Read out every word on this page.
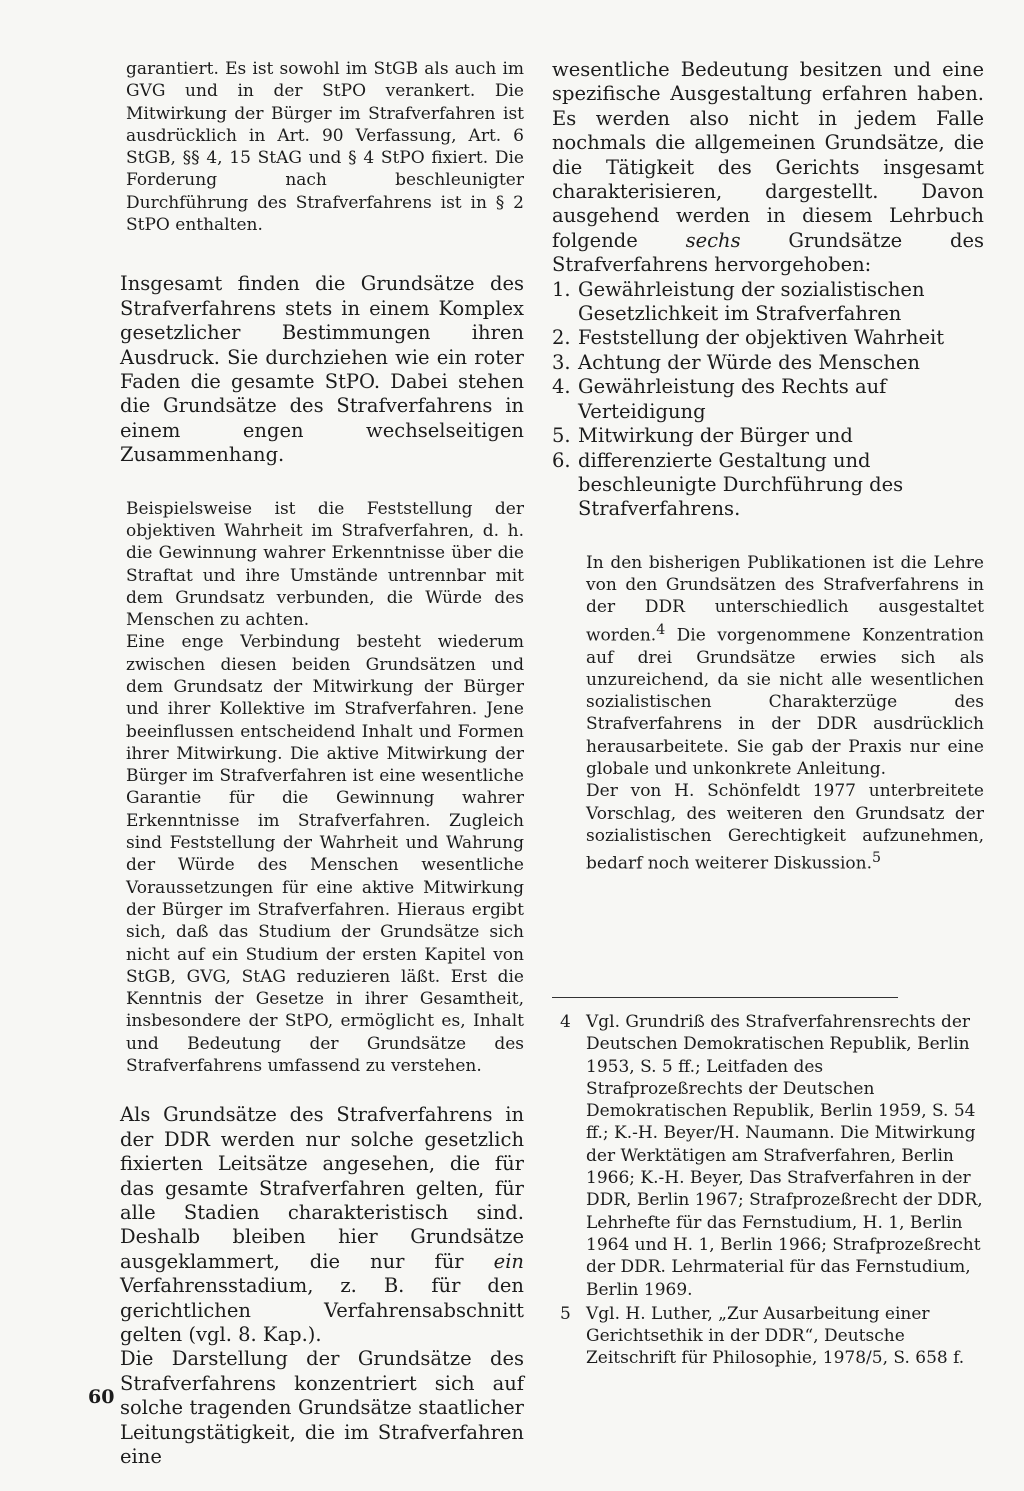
garantiert. Es ist sowohl im StGB als auch im GVG und in der StPO verankert. Die Mitwirkung der Bürger im Strafverfahren ist ausdrücklich in Art. 90 Verfassung, Art. 6 StGB, §§ 4, 15 StAG und § 4 StPO fixiert. Die Forderung nach beschleunigter Durchführung des Strafverfahrens ist in § 2 StPO enthalten.

Insgesamt finden die Grundsätze des Strafverfahrens stets in einem Komplex gesetzlicher Bestimmungen ihren Ausdruck. Sie durchziehen wie ein roter Faden die gesamte StPO. Dabei stehen die Grundsätze des Strafverfahrens in einem engen wechselseitigen Zusammenhang.

Beispielsweise ist die Feststellung der objektiven Wahrheit im Strafverfahren, d. h. die Gewinnung wahrer Erkenntnisse über die Straftat und ihre Umstände untrennbar mit dem Grundsatz verbunden, die Würde des Menschen zu achten.

Eine enge Verbindung besteht wiederum zwischen diesen beiden Grundsätzen und dem Grundsatz der Mitwirkung der Bürger und ihrer Kollektive im Strafverfahren. Jene beeinflussen entscheidend Inhalt und Formen ihrer Mitwirkung. Die aktive Mitwirkung der Bürger im Strafverfahren ist eine wesentliche Garantie für die Gewinnung wahrer Erkenntnisse im Strafverfahren. Zugleich sind Feststellung der Wahrheit und Wahrung der Würde des Menschen wesentliche Voraussetzungen für eine aktive Mitwirkung der Bürger im Strafverfahren. Hieraus ergibt sich, daß das Studium der Grundsätze sich nicht auf ein Studium der ersten Kapitel von StGB, GVG, StAG reduzieren läßt. Erst die Kenntnis der Gesetze in ihrer Gesamtheit, insbesondere der StPO, ermöglicht es, Inhalt und Bedeutung der Grundsätze des Strafverfahrens umfassend zu verstehen.

Als Grundsätze des Strafverfahrens in der DDR werden nur solche gesetzlich fixierten Leitsätze angesehen, die für das gesamte Strafverfahren gelten, für alle Stadien charakteristisch sind. Deshalb bleiben hier Grundsätze ausgeklammert, die nur für ein Verfahrensstadium, z. B. für den gerichtlichen Verfahrensabschnitt gelten (vgl. 8. Kap.).

Die Darstellung der Grundsätze des Strafverfahrens konzentriert sich auf solche tragenden Grundsätze staatlicher Leitungstätigkeit, die im Strafverfahren eine

wesentliche Bedeutung besitzen und eine spezifische Ausgestaltung erfahren haben. Es werden also nicht in jedem Falle nochmals die allgemeinen Grundsätze, die die Tätigkeit des Gerichts insgesamt charakterisieren, dargestellt. Davon ausgehend werden in diesem Lehrbuch folgende sechs Grundsätze des Strafverfahrens hervorgehoben:

1. Gewährleistung der sozialistischen Gesetzlichkeit im Strafverfahren
2. Feststellung der objektiven Wahrheit
3. Achtung der Würde des Menschen
4. Gewährleistung des Rechts auf Verteidigung
5. Mitwirkung der Bürger und
6. differenzierte Gestaltung und beschleunigte Durchführung des Strafverfahrens.

In den bisherigen Publikationen ist die Lehre von den Grundsätzen des Strafverfahrens in der DDR unterschiedlich ausgestaltet worden.$^4$ Die vorgenommene Konzentration auf drei Grundsätze erwies sich als unzureichend, da sie nicht alle wesentlichen sozialistischen Charakterzüge des Strafverfahrens in der DDR ausdrücklich herausarbeitete. Sie gab der Praxis nur eine globale und unkonkrete Anleitung.

Der von H. Schönfeldt 1977 unterbreitete Vorschlag, des weiteren den Grundsatz der sozialistischen Gerechtigkeit aufzunehmen, bedarf noch weiterer Diskussion.$^5$

4 Vgl. Grundriß des Strafverfahrensrechts der Deutschen Demokratischen Republik, Berlin 1953, S. 5 ff.; Leitfaden des Strafprozeßrechts der Deutschen Demokratischen Republik, Berlin 1959, S. 54 ff.; K.-H. Beyer/H. Naumann. Die Mitwirkung der Werktätigen am Strafverfahren, Berlin 1966; K.-H. Beyer, Das Strafverfahren in der DDR, Berlin 1967; Strafprozeßrecht der DDR, Lehrhefte für das Fernstudium, H. 1, Berlin 1964 und H. 1, Berlin 1966; Strafprozeßrecht der DDR. Lehrmaterial für das Fernstudium, Berlin 1969.
5 Vgl. H. Luther, „Zur Ausarbeitung einer Gerichtsethik in der DDR“, Deutsche Zeitschrift für Philosophie, 1978/5, S. 658 f.
60
